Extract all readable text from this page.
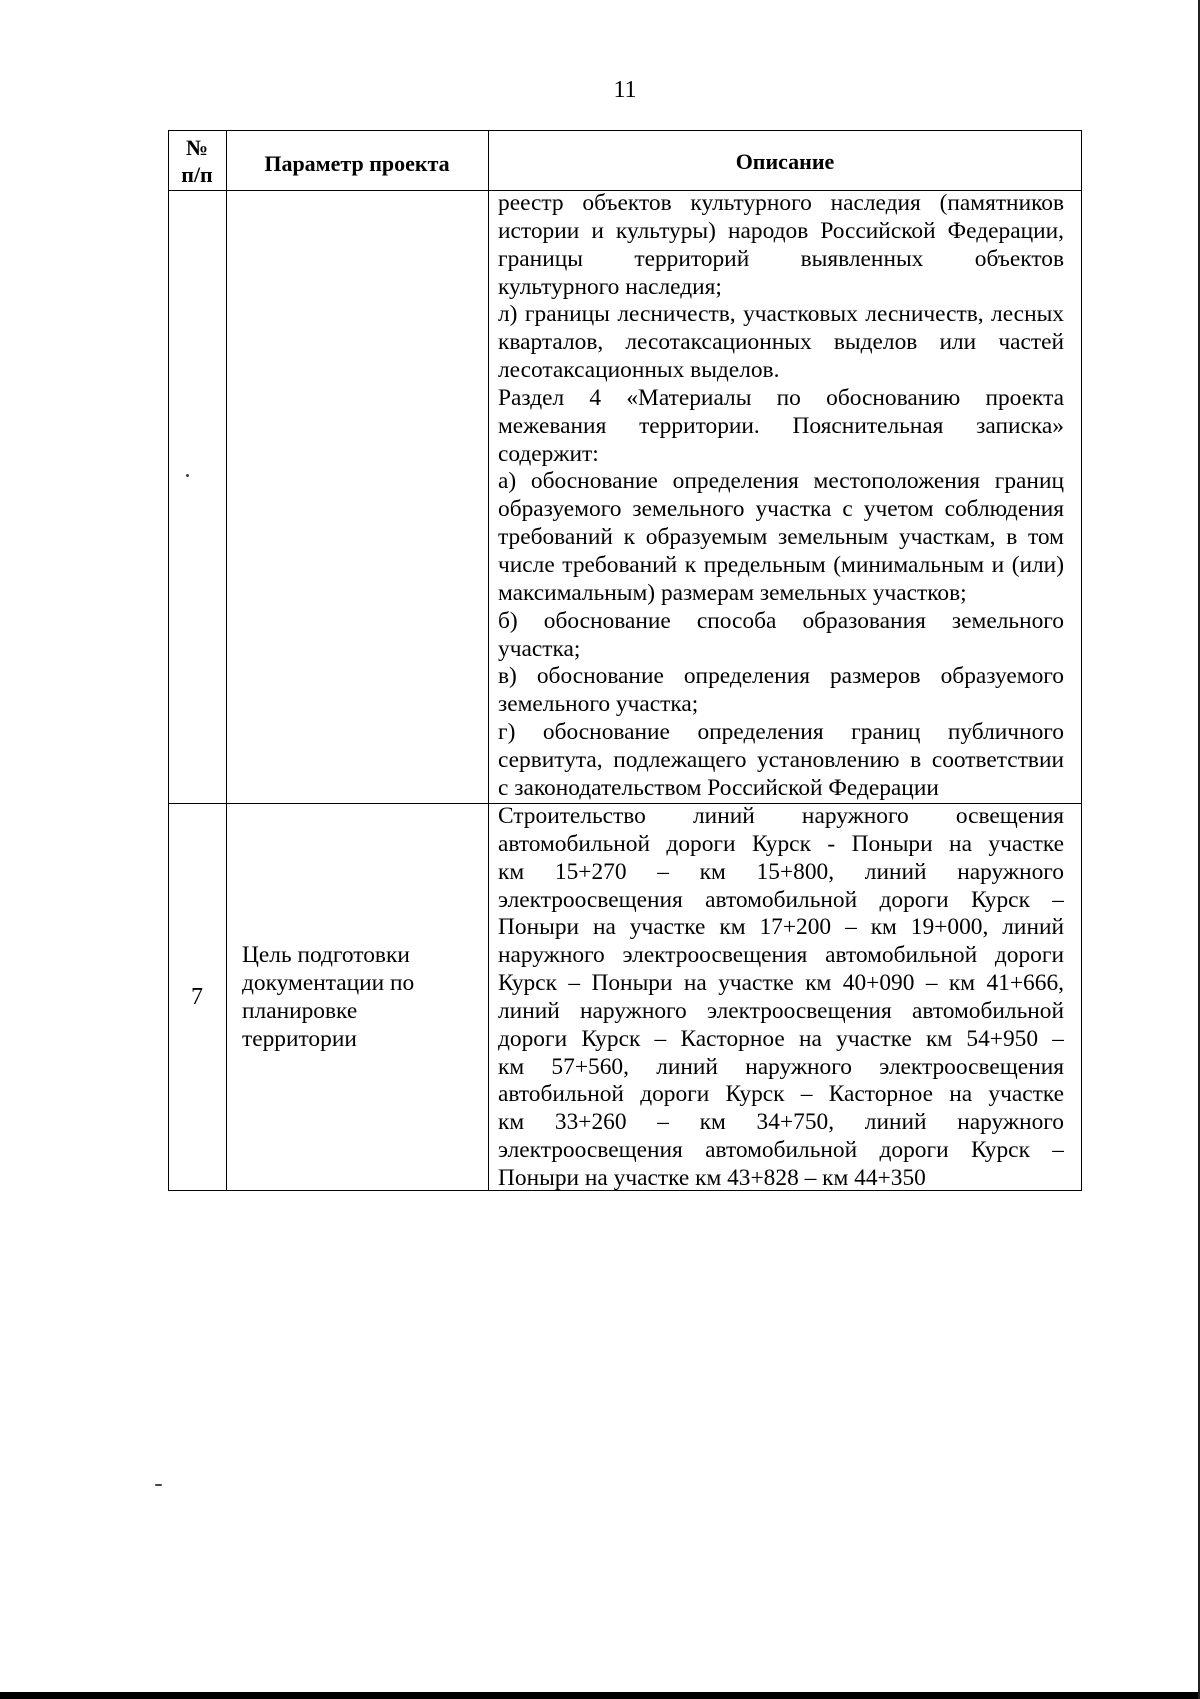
11
№
п/п	Параметр проекта	Описание
реестр объектов культурного наследия (памятников
истории и культуры) народов Российской Федерации,
границы территорий выявленных объектов
культурного наследия;
л) границы лесничеств, участковых лесничеств, лесных
кварталов, лесотаксационных выделов или частей
лесотаксационных выделов.
Раздел 4 «Материалы по обоснованию проекта
межевания территории. Пояснительная записка»
содержит:
а) обоснование определения местоположения границ
образуемого земельного участка с учетом соблюдения
требований к образуемым земельным участкам, в том
числе требований к предельным (минимальным и (или)
максимальным) размерам земельных участков;
б) обоснование способа образования земельного
участка;
в) обоснование определения размеров образуемого
земельного участка;
г) обоснование определения границ публичного
сервитута, подлежащего установлению в соответствии
с законодательством Российской Федерации
7
Цель подготовки
документации по
планировке
территории
Строительство линий наружного освещения
автомобильной дороги Курск - Поныри на участке
км 15+270 – км 15+800, линий наружного
электроосвещения автомобильной дороги Курск –
Поныри на участке км 17+200 – км 19+000, линий
наружного электроосвещения автомобильной дороги
Курск – Поныри на участке км 40+090 – км 41+666,
линий наружного электроосвещения автомобильной
дороги Курск – Касторное на участке км 54+950 –
км 57+560, линий наружного электроосвещения
автобильной дороги Курск – Касторное на участке
км 33+260 – км 34+750, линий наружного
электроосвещения автомобильной дороги Курск –
Поныри на участке км 43+828 – км 44+350
